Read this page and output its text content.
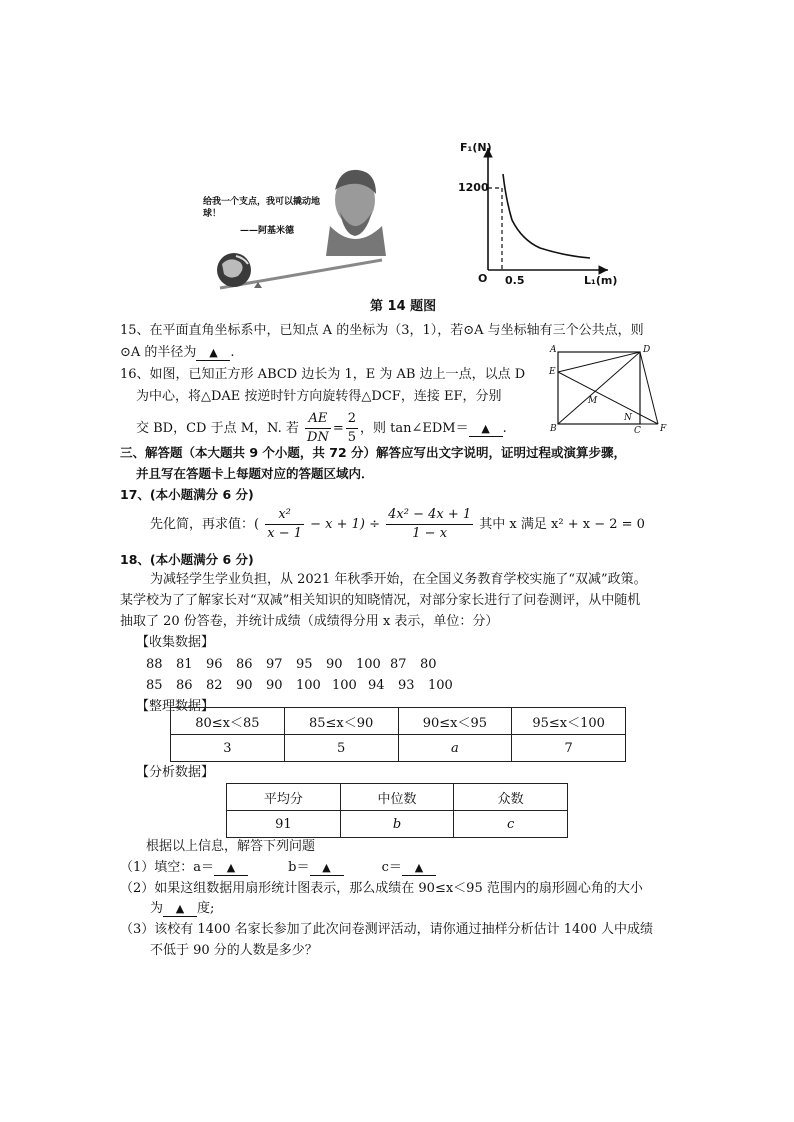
给我一个支点，我可以撬动地球！
——阿基米德
F₁(N)
1200
O 0.5	L₁(m)
第 14 题图
15、在平面直角坐标系中，已知点 A 的坐标为（3，1），若⊙A 与坐标轴有三个公共点，则
⊙A 的半径为 ▲ .
16、如图，已知正方形 ABCD 边长为 1，E 为 AB 边上一点，以点 D
为中心，将△DAE 按逆时针方向旋转得△DCF，连接 EF，分别
交 BD，CD 于点 M，N. 若 $\frac{AE}{DN} = \frac{2}{5}$ ，则 tan∠EDM＝ ▲ .
A	D
E
M
N
B	C F
三、解答题（本大题共 9 个小题，共 72 分）解答应写出文字说明，证明过程或演算步骤，
并且写在答题卡上每题对应的答题区域内．
17、(本小题满分 6 分)
先化简，再求值：( $\frac{\text{x²}}{x - 1} - x + 1) \div \frac{\text{4x² − 4x + 1}}{1 - x}$ 其中 x 满足 x² + x − 2 = 0
18、(本小题满分 6 分)
为减轻学生学业负担，从 2021 年秋季开始，在全国义务教育学校实施了“双减”政策。
某学校为了了解家长对“双减”相关知识的知晓情况，对部分家长进行了问卷测评，从中随机
抽取了 20 份答卷，并统计成绩（成绩得分用 x 表示，单位：分）
【收集数据】
88 81 96 86 97 95 90 100 87 80
85 86 82 90 90 100 100 94 93 100
【整理数据】
80≤x＜85	85≤x＜90	90≤x＜95	95≤x＜100
3	5	a	7
【分析数据】
平均分	中位数	众数
91	b	c
根据以上信息，解答下列问题
（1）填空：a＝ ▲	b＝ ▲	c＝ ▲
（2）如果这组数据用扇形统计图表示，那么成绩在 90≤x＜95 范围内的扇形圆心角的大小
为 ▲ 度;
（3）该校有 1400 名家长参加了此次问卷测评活动，请你通过抽样分析估计 1400 人中成绩
不低于 90 分的人数是多少？
